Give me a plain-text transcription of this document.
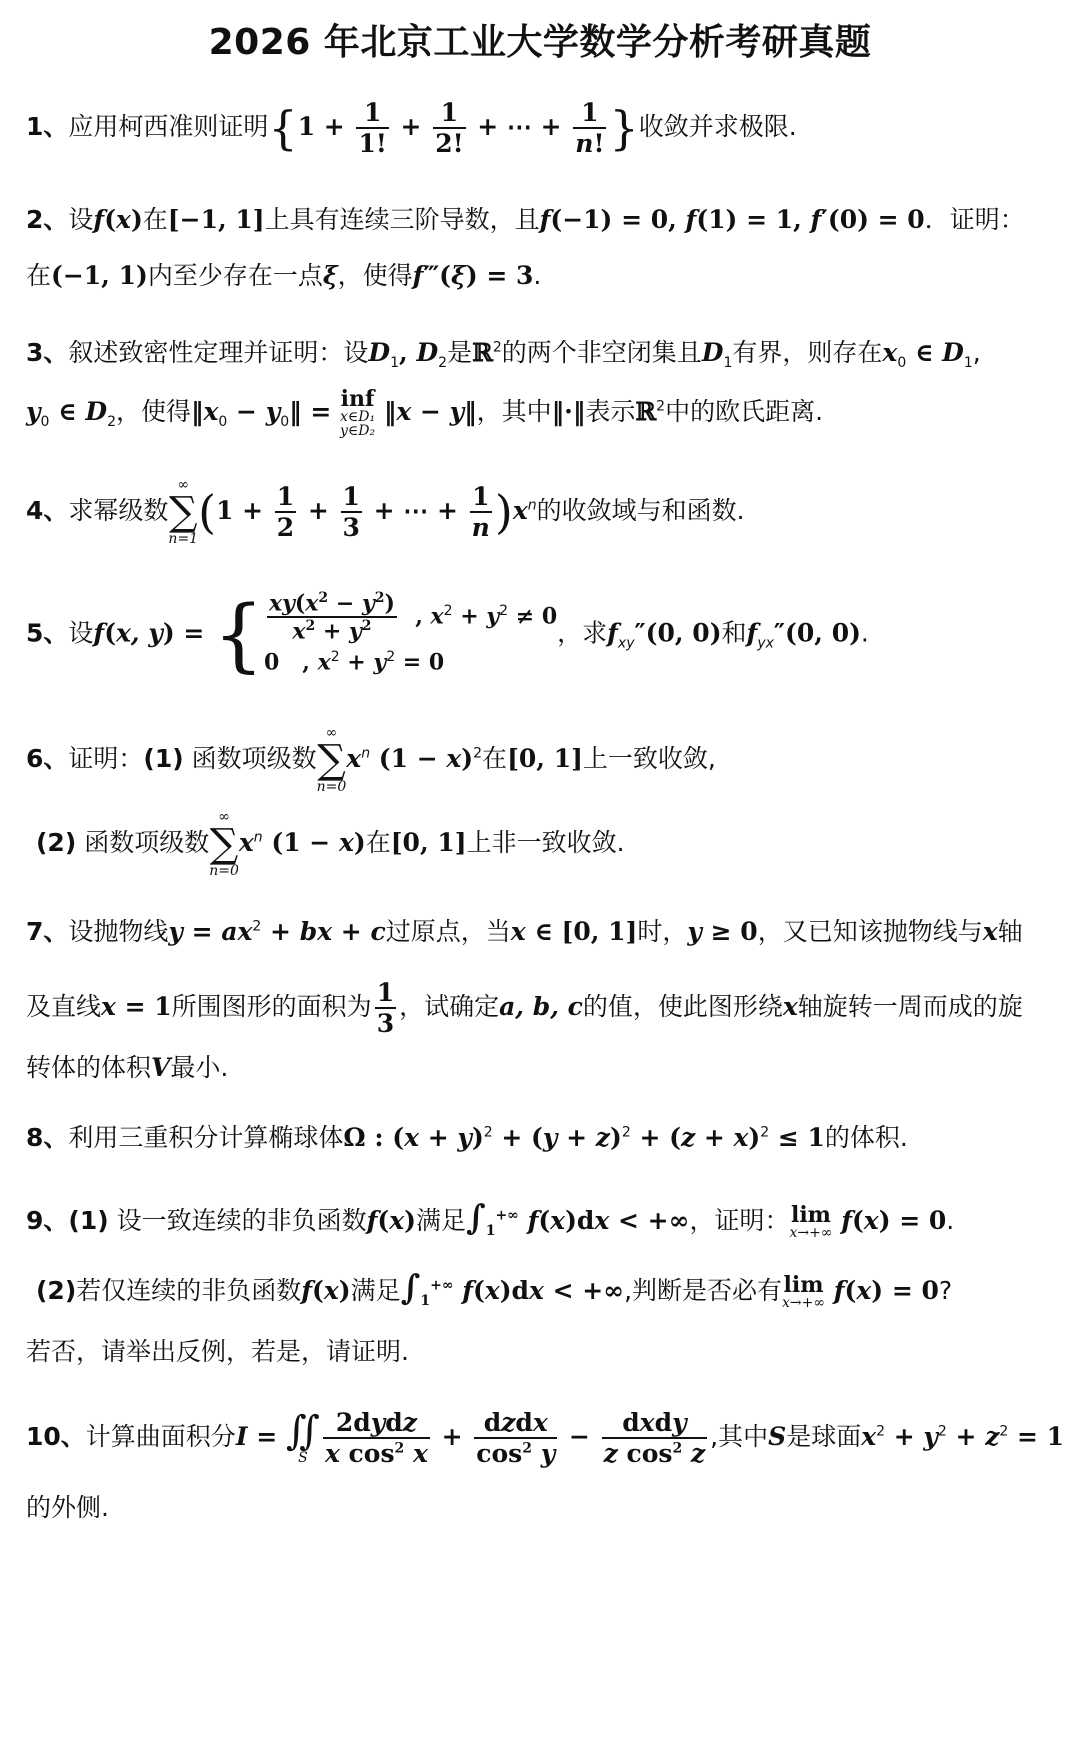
2026 年北京工业大学数学分析考研真题
1、应用柯西准则证明{$1 + \frac{1}{1!} + \frac{1}{2!}$ + ⋯ + $\frac{1}{n!}$ }收敛并求极限.
2、设f(x)在[−1, 1]上具有连续三阶导数，且f(−1) = 0, f(1) = 1, f′(0) = 0．证明：
在(−1, 1)内至少存在一点ξ，使得f‴(ξ) = 3.
3、叙述致密性定理并证明：设$D_1$, $D_2$是ℝ$^2$的两个非空闭集且$D_1$有界，则存在$x_0$ ∈ $D_1$,
$y_0$ ∈ $D_2$，使得$‖x_0$ − $y_0‖$ = inf
x∈D₁
y∈D₂
‖x − y‖，其中‖·‖表示ℝ$^2$中的欧氏距离.
4、求幂级数
∞
∑
n=1 ($1 + \frac{1}{2} + \frac{1}{3}$ + ⋯ + $\frac{1}{n} )x^n$的收敛域与和函数.
5、设f(x, y) = { $\frac{xy(x^2 - y^2)}{x^2 + y^2}$ , $x^2 + y^2 \ne 0$
0   , $x^2 + y^2 = 0$
，求$f_{xy}''(0$, 0)和$f_{yx}''(0$, 0).
6、证明：(1) 函数项级数
∞
∑
n=0
$x^n$ $(1 - x)^2$在[0, 1]上一致收敛,
(2) 函数项级数
∞
∑
n=0
$x^n$ (1 − x)在[0, 1]上非一致收敛.
7、设抛物线$y = ax^2$ + bx + c过原点，当x ∈ [0, 1]时，y ≥ 0，又已知该抛物线与x轴
及直线x = 1所围图形的面积为 $\frac{1}{3}$ ，试确定a, b, c的值，使此图形绕x轴旋转一周而成的旋
转体的体积V最小.
8、利用三重积分计算椭球体Ω : $(x + y)^2 + (y + z)^2 + (z + x)^2 \le 1$的体积.
9、(1) 设一致连续的非负函数f(x)满足$\int_1^{+\infty}$ f(x)dx < +∞，证明： lim
x→+∞ f(x) = 0.
(2)若仅连续的非负函数f(x)满足$\int_1^{+\infty}$ f(x)dx < +∞,判断是否必有 lim
x→+∞ f(x) = 0?
若否，请举出反例，若是，请证明.
10、计算曲面积分I = ∬
S $\frac{\text{2dydz}}{x \cos^2 x} + \frac{\text{dzdx}}{\cos^2 y} - \frac{\text{dxdy}}{z \cos^2 z}$ ,其中S是球面$x^2 + y^2 + z^2 = 1$
的外侧.
